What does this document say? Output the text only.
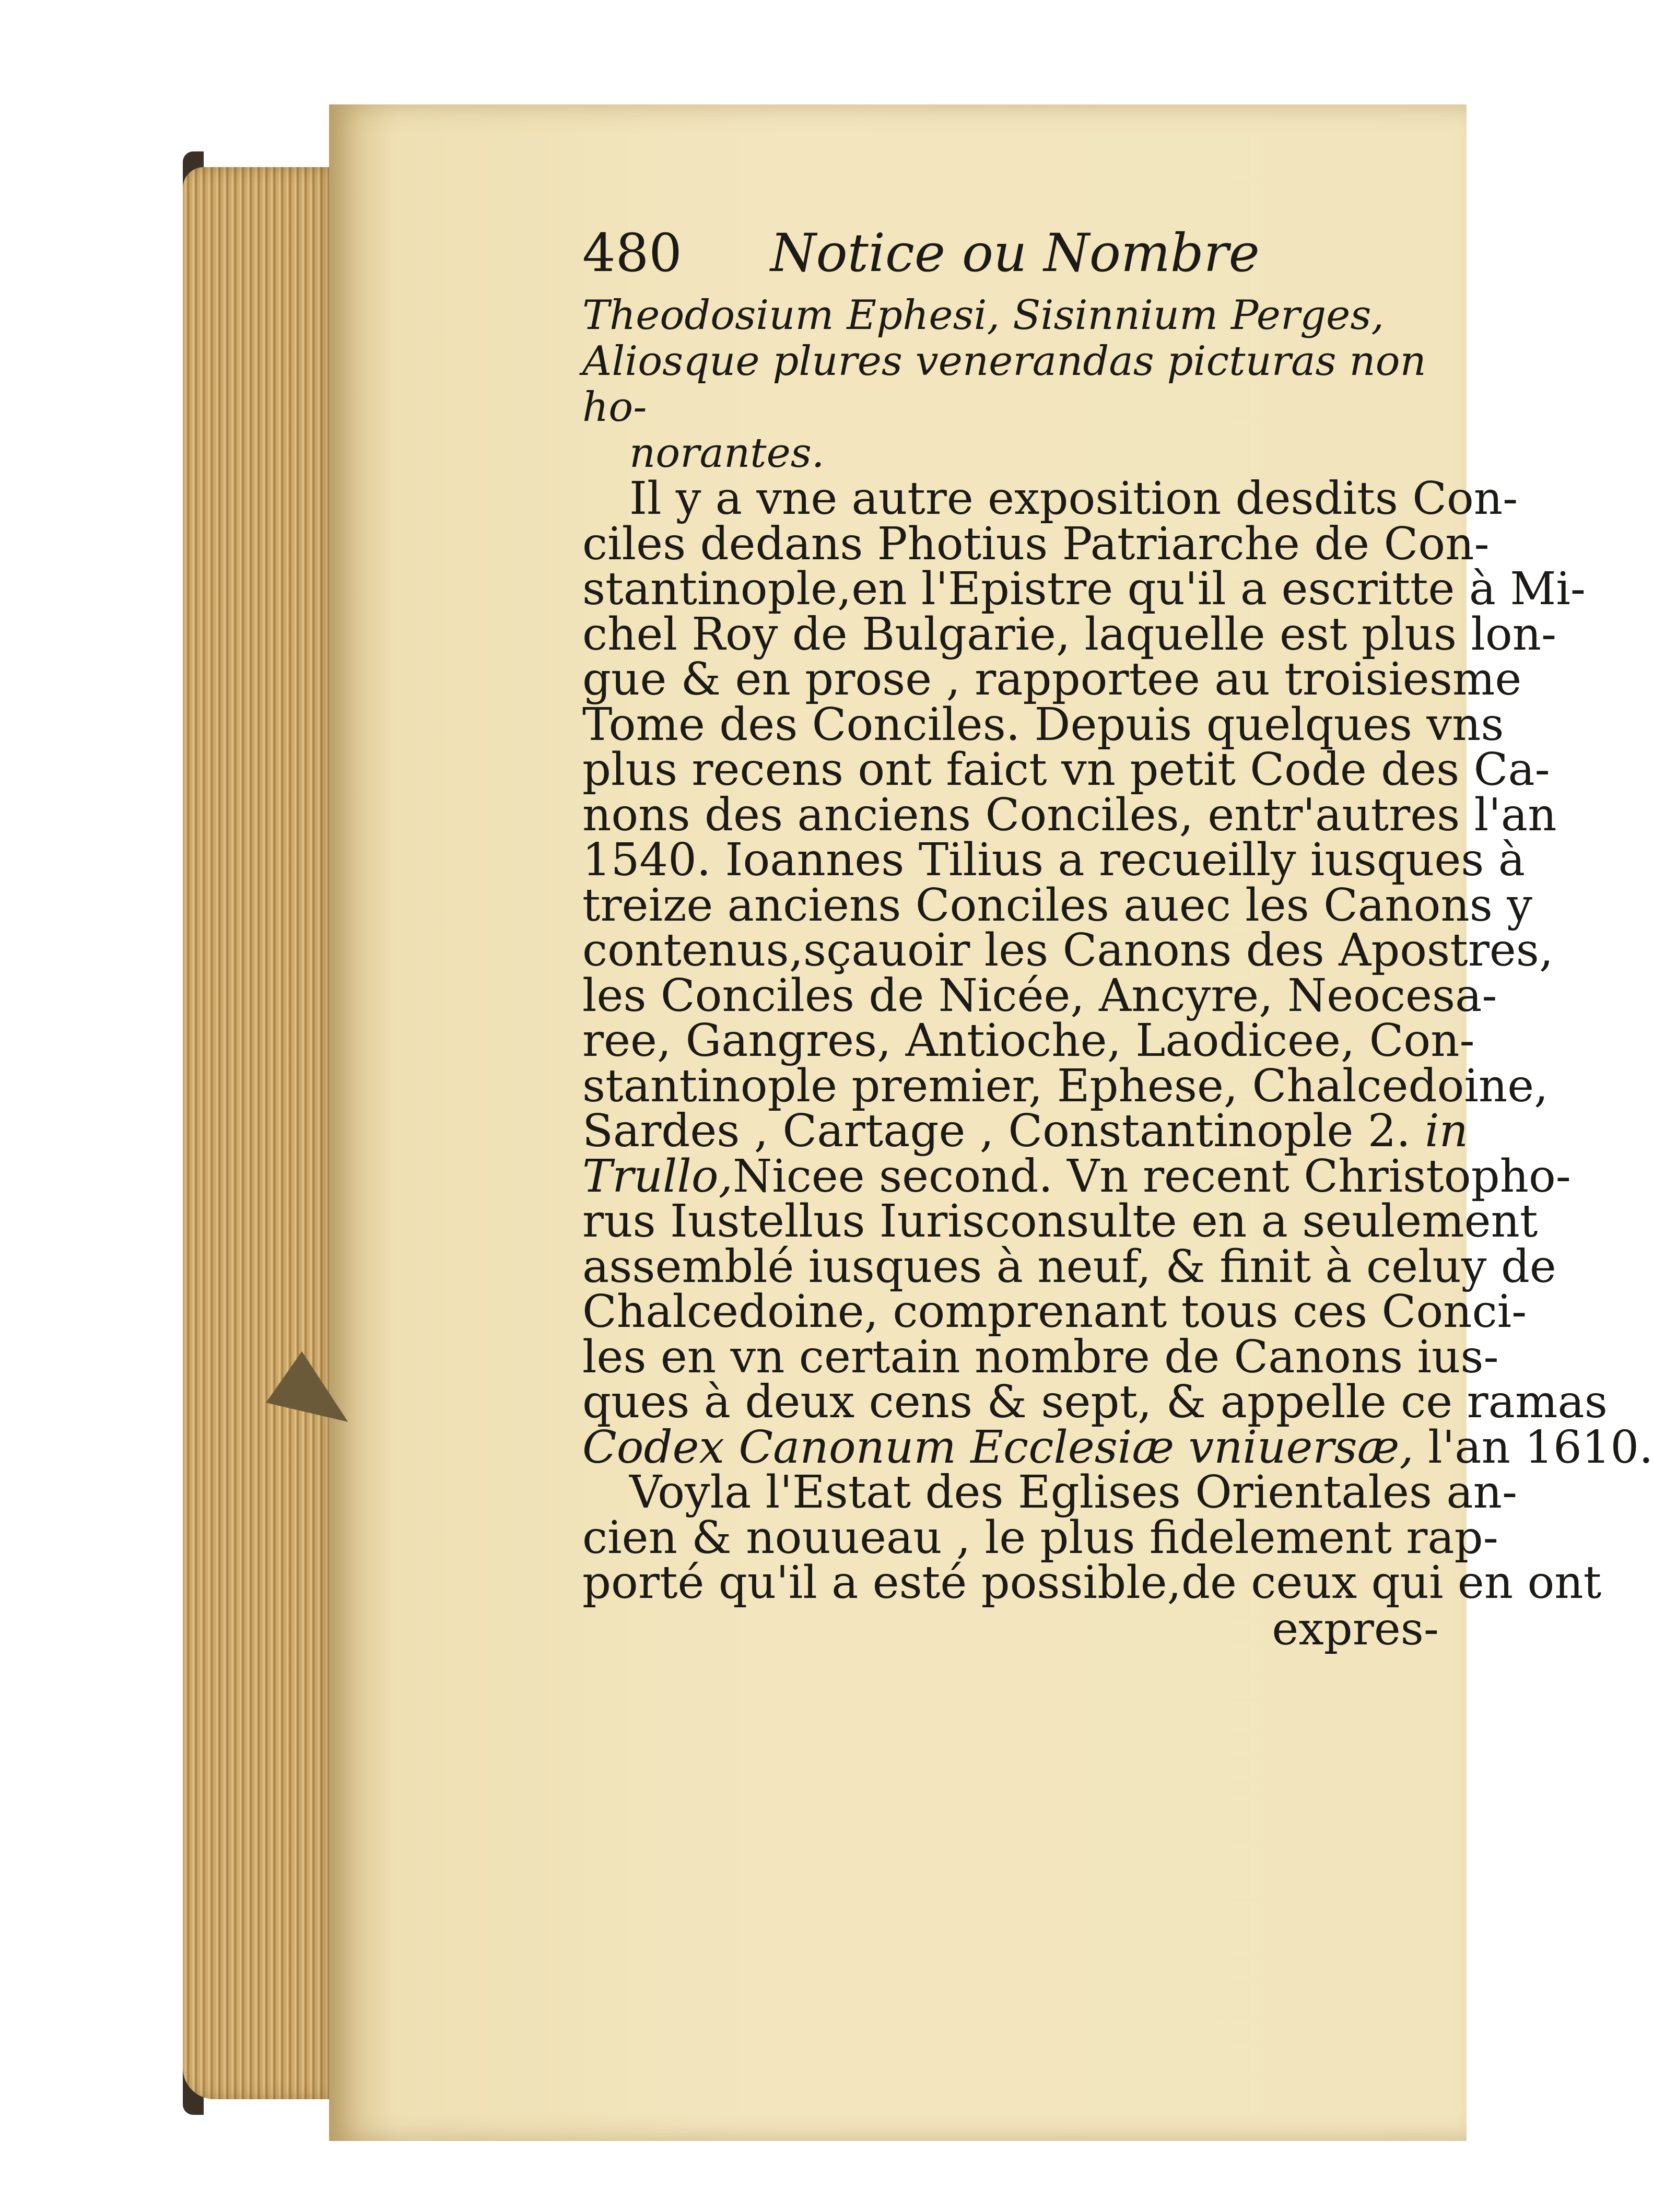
480	Notice ou Nombre
Theodosium Ephesi, Sisinnium Perges,
Aliosque plures venerandas picturas non ho-
norantes.
Il y a vne autre exposition desdits Con-
ciles dedans Photius Patriarche de Con-
stantinople,en l'Epistre qu'il a escritte à Mi-
chel Roy de Bulgarie, laquelle est plus lon-
gue & en prose , rapportee au troisiesme
Tome des Conciles. Depuis quelques vns
plus recens ont faict vn petit Code des Ca-
nons des anciens Conciles, entr'autres l'an
1540. Ioannes Tilius a recueilly iusques à
treize anciens Conciles auec les Canons y
contenus,sçauoir les Canons des Apostres,
les Conciles de Nicée, Ancyre, Neocesa-
ree, Gangres, Antioche, Laodicee, Con-
stantinople premier, Ephese, Chalcedoine,
Sardes , Cartage , Constantinople 2. in
Trullo,Nicee second. Vn recent Christopho-
rus Iustellus Iurisconsulte en a seulement
assemblé iusques à neuf, & finit à celuy de
Chalcedoine, comprenant tous ces Conci-
les en vn certain nombre de Canons ius-
ques à deux cens & sept, & appelle ce ramas
Codex Canonum Ecclesiæ vniuersæ, l'an 1610.
Voyla l'Estat des Eglises Orientales an-
cien & nouueau , le plus fidelement rap-
porté qu'il a esté possible,de ceux qui en ont
expres-
